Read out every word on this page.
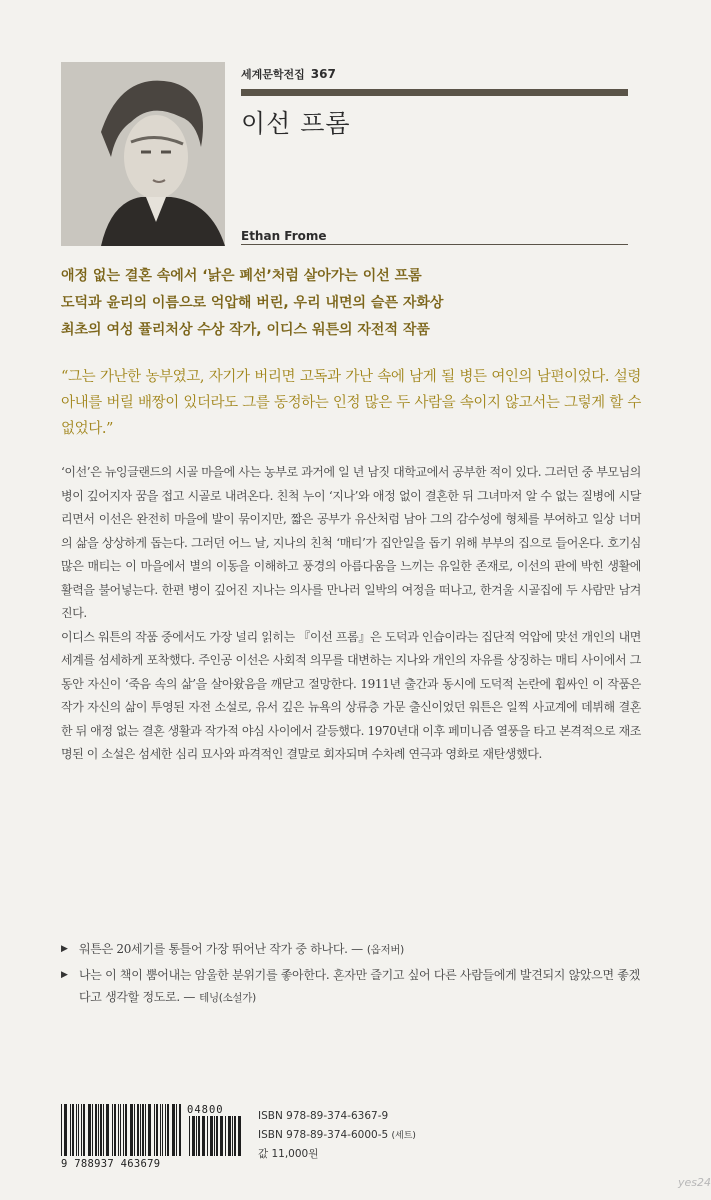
세계문학전집 367
이선 프롬
Ethan Frome
애정 없는 결혼 속에서 ‘낡은 폐선’처럼 살아가는 이선 프롬
도덕과 윤리의 이름으로 억압해 버린, 우리 내면의 슬픈 자화상
최초의 여성 퓰리처상 수상 작가, 이디스 워튼의 자전적 작품
“그는 가난한 농부였고, 자기가 버리면 고독과 가난 속에 남게 될 병든 여인의 남편이었다. 설령 아내를 버릴 배짱이 있더라도 그를 동정하는 인정 많은 두 사람을 속이지 않고서는 그렇게 할 수 없었다.”

‘이선’은 뉴잉글랜드의 시골 마을에 사는 농부로 과거에 일 년 남짓 대학교에서 공부한 적이 있다. 그러던 중 부모님의 병이 깊어지자 꿈을 접고 시골로 내려온다. 친척 누이 ‘지나’와 애정 없이 결혼한 뒤 그녀마저 알 수 없는 질병에 시달리면서 이선은 완전히 마을에 발이 묶이지만, 짧은 공부가 유산처럼 남아 그의 감수성에 형체를 부여하고 일상 너머의 삶을 상상하게 돕는다. 그러던 어느 날, 지나의 친척 ‘매티’가 집안일을 돕기 위해 부부의 집으로 들어온다. 호기심 많은 매티는 이 마을에서 별의 이동을 이해하고 풍경의 아름다움을 느끼는 유일한 존재로, 이선의 판에 박힌 생활에 활력을 불어넣는다. 한편 병이 깊어진 지나는 의사를 만나러 일박의 여정을 떠나고, 한겨울 시골집에 두 사람만 남겨진다.

이디스 워튼의 작품 중에서도 가장 널리 읽히는 『이선 프롬』은 도덕과 인습이라는 집단적 억압에 맞선 개인의 내면세계를 섬세하게 포착했다. 주인공 이선은 사회적 의무를 대변하는 지나와 개인의 자유를 상징하는 매티 사이에서 그동안 자신이 ‘죽음 속의 삶’을 살아왔음을 깨닫고 절망한다. 1911년 출간과 동시에 도덕적 논란에 휩싸인 이 작품은 작가 자신의 삶이 투영된 자전 소설로, 유서 깊은 뉴욕의 상류층 가문 출신이었던 워튼은 일찍 사교계에 데뷔해 결혼한 뒤 애정 없는 결혼 생활과 작가적 야심 사이에서 갈등했다. 1970년대 이후 페미니즘 열풍을 타고 본격적으로 재조명된 이 소설은 섬세한 심리 묘사와 파격적인 결말로 회자되며 수차례 연극과 영화로 재탄생했다.

▶ 워튼은 20세기를 통틀어 가장 뛰어난 작가 중 하나다. — (옵저버)
▶ 나는 이 책이 뿜어내는 암울한 분위기를 좋아한다. 혼자만 즐기고 싶어 다른 사람들에게 발견되지 않았으면 좋겠다고 생각할 정도로. — 테닝(소설가)
9 788937 463679
04800	ISBN 978-89-374-6367-9
ISBN 978-89-374-6000-5 (세트)
값 11,000원
yes24
